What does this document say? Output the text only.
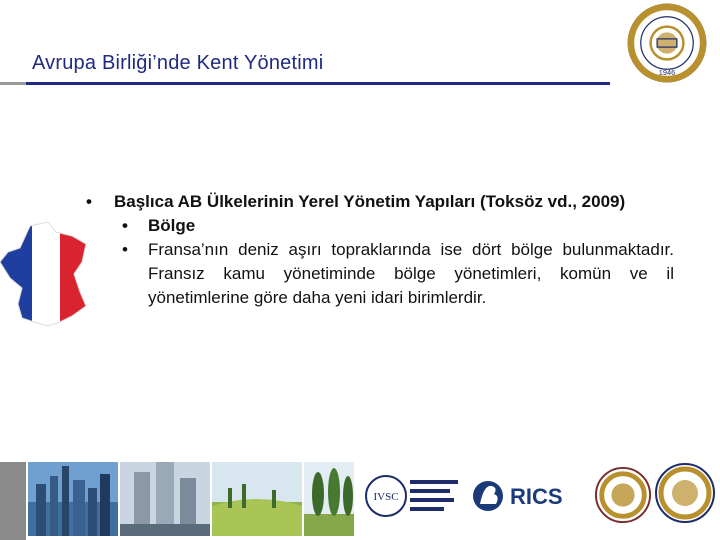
Avrupa Birliği’nde Kent Yönetimi	1946
• Başlıca AB Ülkelerinin Yerel Yönetim Yapıları (Toksöz vd., 2009)
• Bölge
• Fransa’nın deniz aşırı topraklarında ise dört bölge bulunmaktadır. Fransız kamu yönetiminde bölge yönetimleri, komün ve il yönetimlerine göre daha yeni idari birimlerdir.
IVSC	RICS
